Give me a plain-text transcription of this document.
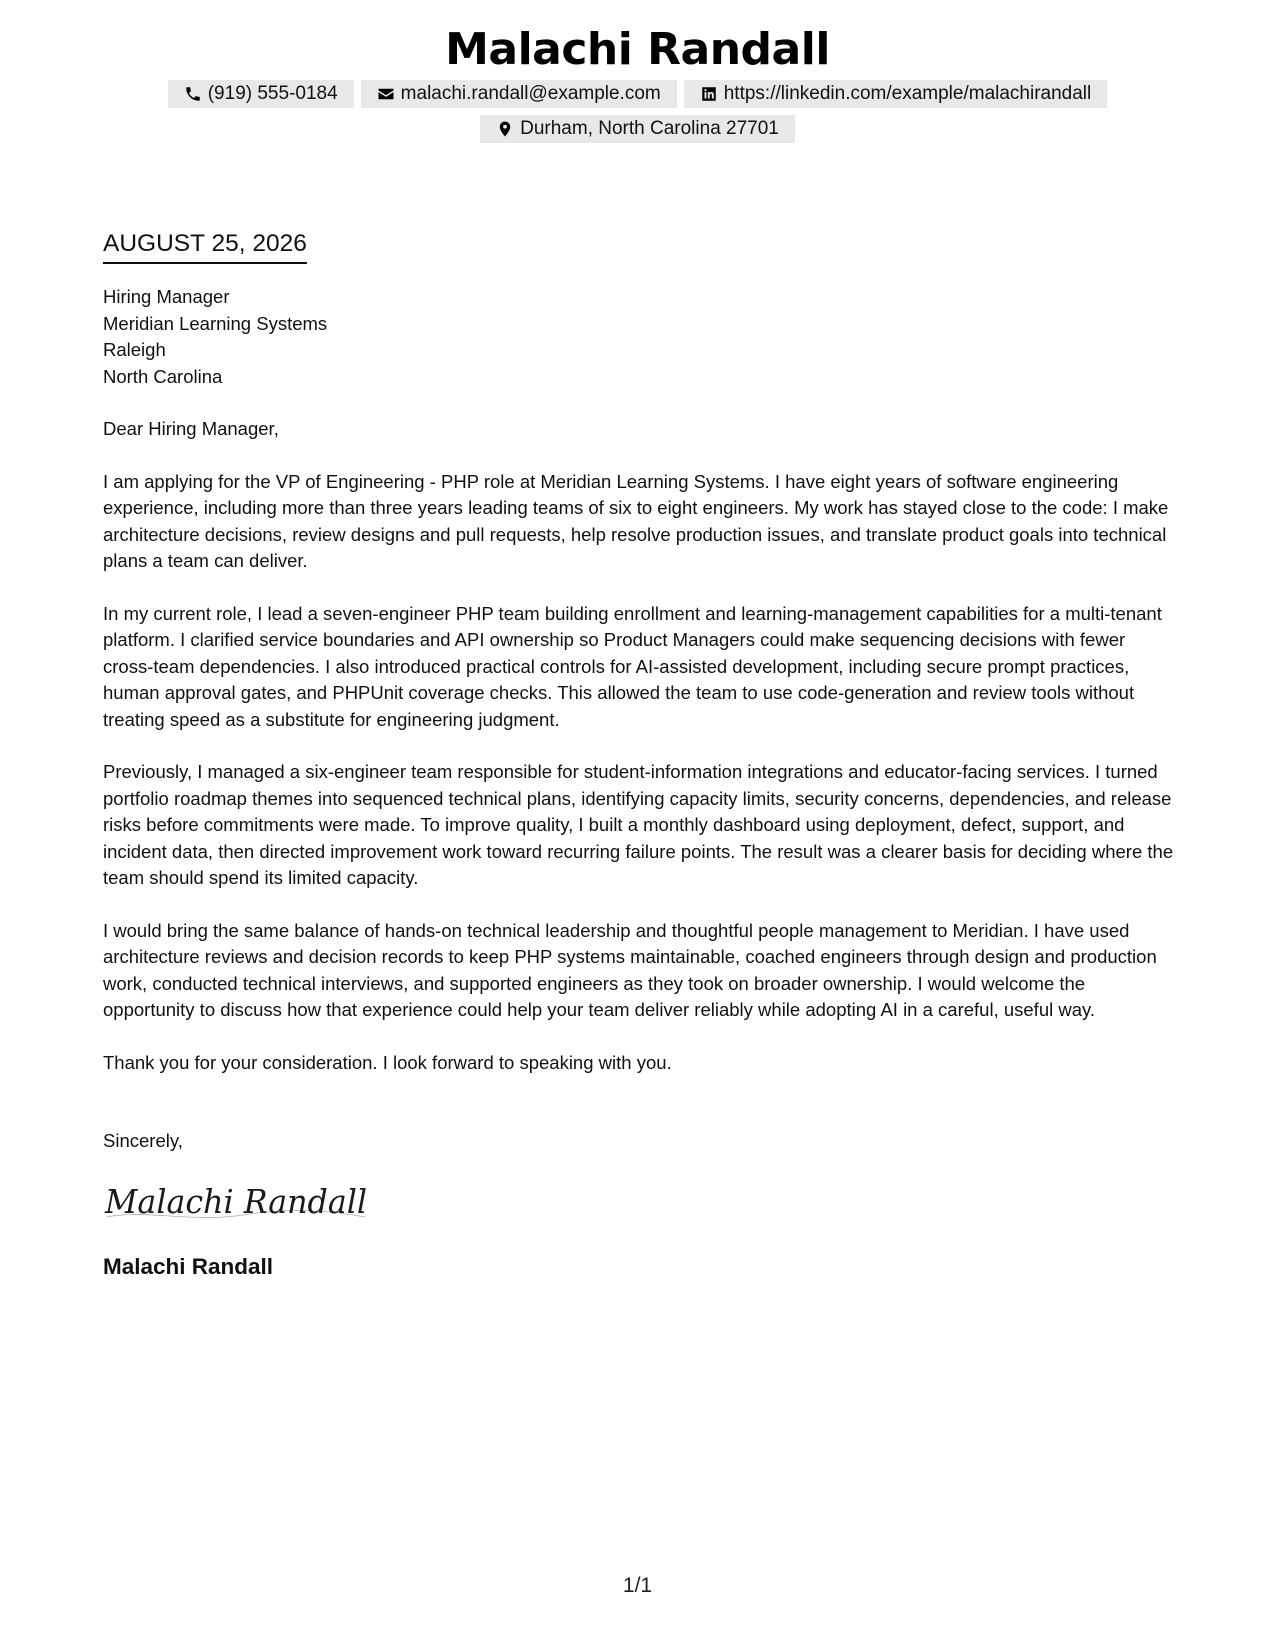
Malachi Randall
(919) 555-0184	malachi.randall@example.com	https://linkedin.com/example/malachirandall
Durham, North Carolina 27701
AUGUST 25, 2026
Hiring Manager
Meridian Learning Systems
Raleigh
North Carolina

Dear Hiring Manager,

I am applying for the VP of Engineering - PHP role at Meridian Learning Systems. I have eight years of software engineering experience, including more than three years leading teams of six to eight engineers. My work has stayed close to the code: I make architecture decisions, review designs and pull requests, help resolve production issues, and translate product goals into technical plans a team can deliver.

In my current role, I lead a seven-engineer PHP team building enrollment and learning-management capabilities for a multi-tenant platform. I clarified service boundaries and API ownership so Product Managers could make sequencing decisions with fewer cross-team dependencies. I also introduced practical controls for AI-assisted development, including secure prompt practices, human approval gates, and PHPUnit coverage checks. This allowed the team to use code-generation and review tools without treating speed as a substitute for engineering judgment.

Previously, I managed a six-engineer team responsible for student-information integrations and educator-facing services. I turned portfolio roadmap themes into sequenced technical plans, identifying capacity limits, security concerns, dependencies, and release risks before commitments were made. To improve quality, I built a monthly dashboard using deployment, defect, support, and incident data, then directed improvement work toward recurring failure points. The result was a clearer basis for deciding where the team should spend its limited capacity.

I would bring the same balance of hands-on technical leadership and thoughtful people management to Meridian. I have used architecture reviews and decision records to keep PHP systems maintainable, coached engineers through design and production work, conducted technical interviews, and supported engineers as they took on broader ownership. I would welcome the opportunity to discuss how that experience could help your team deliver reliably while adopting AI in a careful, useful way.

Thank you for your consideration. I look forward to speaking with you.

Sincerely,
Malachi Randall
Malachi Randall
1/1
